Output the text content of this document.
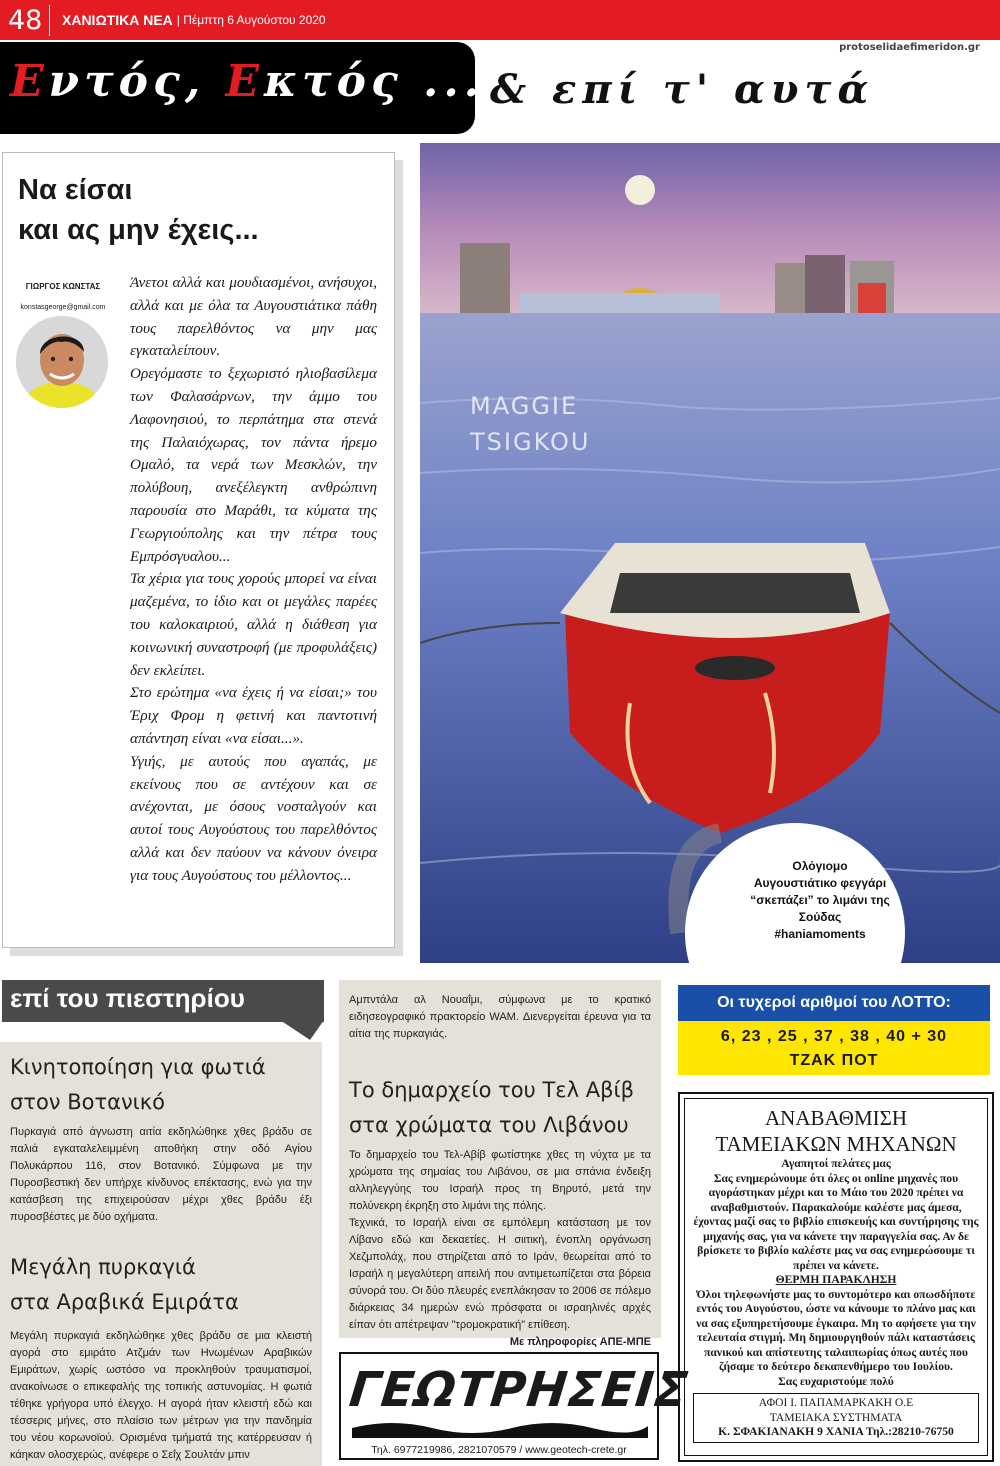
48	ΧΑΝΙΩΤΙΚΑ ΝΕΑ | Πέμπτη 6 Αυγούστου 2020
protoselidaefimeridon.gr
Εντός, Εκτός ... & επί τ' αυτά
Να είσαι
και ας μην έχεις...
ΓΙΩΡΓΟΣ ΚΩΝΣΤΑΣ
konstasgeorge@gmail.com

Άνετοι αλλά και μουδιασμένοι, ανήσυχοι, αλλά και με όλα τα Αυγουστιάτικα πάθη τους παρελθόντος να μην μας εγκαταλείπουν.

Ορεγόμαστε το ξεχωριστό ηλιοβασίλεμα των Φαλασάρνων, την άμμο του Λαφονησιού, το περπάτημα στα στενά της Παλαιόχωρας, τον πάντα ήρεμο Ομαλό, τα νερά των Μεσκλών, την πολύβουη, ανεξέλεγκτη ανθρώπινη παρουσία στο Μαράθι, τα κύματα της Γεωργιούπολης και την πέτρα τους Εμπρόσγυαλου...

Τα χέρια για τους χορούς μπορεί να είναι μαζεμένα, το ίδιο και οι μεγάλες παρέες του καλοκαιριού, αλλά η διάθεση για κοινωνική συναστροφή (με προφυλάξεις) δεν εκλείπει.

Στο ερώτημα «να έχεις ή να είσαι;» του Έριχ Φρομ η φετινή και παντοτινή απάντηση είναι «να είσαι...».

Υγιής, με αυτούς που αγαπάς, με εκείνους που σε αντέχουν και σε ανέχονται, με όσους νοσταλγούν και αυτοί τους Αυγούστους του παρελθόντος αλλά και δεν παύουν να κάνουν όνειρα για τους Αυγούστους του μέλλοντος...

MAGGIE
TSIGKOU
Ολόγιομο
Αυγουστιάτικο φεγγάρι
“σκεπάζει” το λιμάνι της
Σούδας
#haniamoments
επί του πιεστηρίου
Κινητοποίηση για φωτιά
στον Βοτανικό

Πυρκαγιά από άγνωστη αιτία εκδηλώθηκε χθες βράδυ σε παλιά εγκαταλελειμμένη αποθήκη στην οδό Αγίου Πολυκάρπου 116, στον Βοτανικό. Σύμφωνα με την Πυροσβεστική δεν υπήρχε κίνδυνος επέκτασης, ενώ για την κατάσβεση της επιχειρούσαν μέχρι χθες βράδυ έξι πυροσβέστες με δύο οχήματα.

Μεγάλη πυρκαγιά
στα Αραβικά Εμιράτα

Μεγάλη πυρκαγιά εκδηλώθηκε χθες βράδυ σε μια κλειστή αγορά στο εμιράτο Ατζμάν των Ηνωμένων Αραβικών Εμιράτων, χωρίς ωστόσο να προκληθούν τραυματισμοί, ανακοίνωσε ο επικεφαλής της τοπικής αστυνομίας. Η φωτιά τέθηκε γρήγορα υπό έλεγχο. Η αγορά ήταν κλειστή εδώ και τέσσερις μήνες, στο πλαίσιο των μέτρων για την πανδημία του νέου κορωνοϊού. Ορισμένα τμήματά της κατέρρευσαν ή κάηκαν ολοσχερώς, ανέφερε ο Σεΐχ Σουλτάν μπιν

Αμπντάλα αλ Νουαΐμι, σύμφωνα με το κρατικό ειδησεογραφικό πρακτορείο WAM. Διενεργείται έρευνα για τα αίτια της πυρκαγιάς.

Το δημαρχείο του Τελ Αβίβ
στα χρώματα του Λιβάνου

Το δημαρχείο του Τελ-Αβίβ φωτίστηκε χθες τη νύχτα με τα χρώματα της σημαίας του Λιβάνου, σε μια σπάνια ένδειξη αλληλεγγύης του Ισραήλ προς τη Βηρυτό, μετά την πολύνεκρη έκρηξη στο λιμάνι της πόλης.

Τεχνικά, το Ισραήλ είναι σε εμπόλεμη κατάσταση με τον Λίβανο εδώ και δεκαετίες. Η σιιτική, ένοπλη οργάνωση Χεζμπολάχ, που στηρίζεται από το Ιράν, θεωρείται από το Ισραήλ η μεγαλύτερη απειλή που αντιμετωπίζεται στα βόρεια σύνορά του. Οι δύο πλευρές ενεπλάκησαν το 2006 σε πόλεμο διάρκειας 34 ημερών ενώ πρόσφατα οι ισραηλινές αρχές είπαν ότι απέτρεψαν "τρομοκρατική" επίθεση.

Με πληροφορίες ΑΠΕ-ΜΠΕ

Οι τυχεροί αριθμοί του ΛΟΤΤΟ:
6, 23 , 25 , 37 , 38 , 40 + 30
ΤΖΑΚ ΠΟΤ
ΑΝΑΒΑΘΜΙΣΗ
ΤΑΜΕΙΑΚΩΝ ΜΗΧΑΝΩΝ
Αγαπητοί πελάτες μας
Σας ενημερώνουμε ότι όλες οι online μηχανές που αγοράστηκαν μέχρι και το Μάιο του 2020 πρέπει να αναβαθμιστούν. Παρακαλούμε καλέστε μας άμεσα, έχοντας μαζί σας το βιβλίο επισκευής και συντήρησης της μηχανής σας, για να κάνετε την παραγγελία σας. Αν δε βρίσκετε το βιβλίο καλέστε μας να σας ενημερώσουμε τι πρέπει να κάνετε.
ΘΕΡΜΗ ΠΑΡΑΚΛΗΣΗ
Όλοι τηλεφωνήστε μας το συντομότερο και οπωσδήποτε εντός του Αυγούστου, ώστε να κάνουμε το πλάνο μας και να σας εξυπηρετήσουμε έγκαιρα. Μη το αφήσετε για την τελευταία στιγμή. Μη δημιουργηθούν πάλι καταστάσεις πανικού και απίστευτης ταλαιπωρίας όπως αυτές που ζήσαμε το δεύτερο δεκαπενθήμερο του Ιουλίου.
Σας ευχαριστούμε πολύ
ΑΦΟΙ Ι. ΠΑΠΑΜΑΡΚΑΚΗ Ο.Ε
ΤΑΜΕΙΑΚΑ ΣΥΣΤΗΜΑΤΑ
Κ. ΣΦΑΚΙΑΝΑΚΗ 9 ΧΑΝΙΑ Τηλ.:28210-76750
ΓΕΩΤΡΗΣΕΙΣ
Τηλ. 6977219986, 2821070579 / www.geotech-crete.gr
